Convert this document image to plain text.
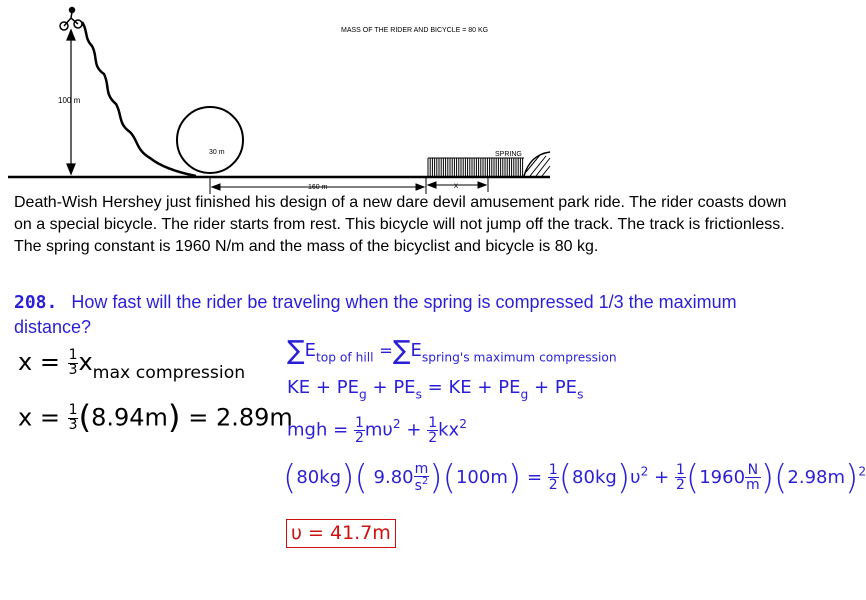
100 m
30 m
160 m
SPRING
x
MASS OF THE RIDER AND BICYCLE = 80 KG
Death-Wish Hershey just finished his design of a new dare devil amusement park ride. The rider coasts down on a special bicycle. The rider starts from rest. This bicycle will not jump off the track. The track is frictionless. The spring constant is 1960 N/m and the mass of the bicyclist and bicycle is 80 kg.
208. How fast will the rider be traveling when the spring is compressed 1/3 the maximum distance?
$x = \frac{1}{3} x_{max compression}$
$x = \frac{1}{3} (8.94m) = 2.89m$
$\sum E_{top of hill} =\sum E_{spring's maximum compression}$
KE + $PE_g + PE_s$ = KE + $PE_g + PE_s$
mgh = $\frac{1}{2} m\upsilon^2 + \frac{1}{2} kx^2$
(80kg)( $9.80 \frac{m}{s^2} )(100m) = \frac{1}{2} (80kg)\upsilon^2 + \frac{1}{2} (1960 \frac{N}{m} )(2.98m)^2$
υ = 41.7m
